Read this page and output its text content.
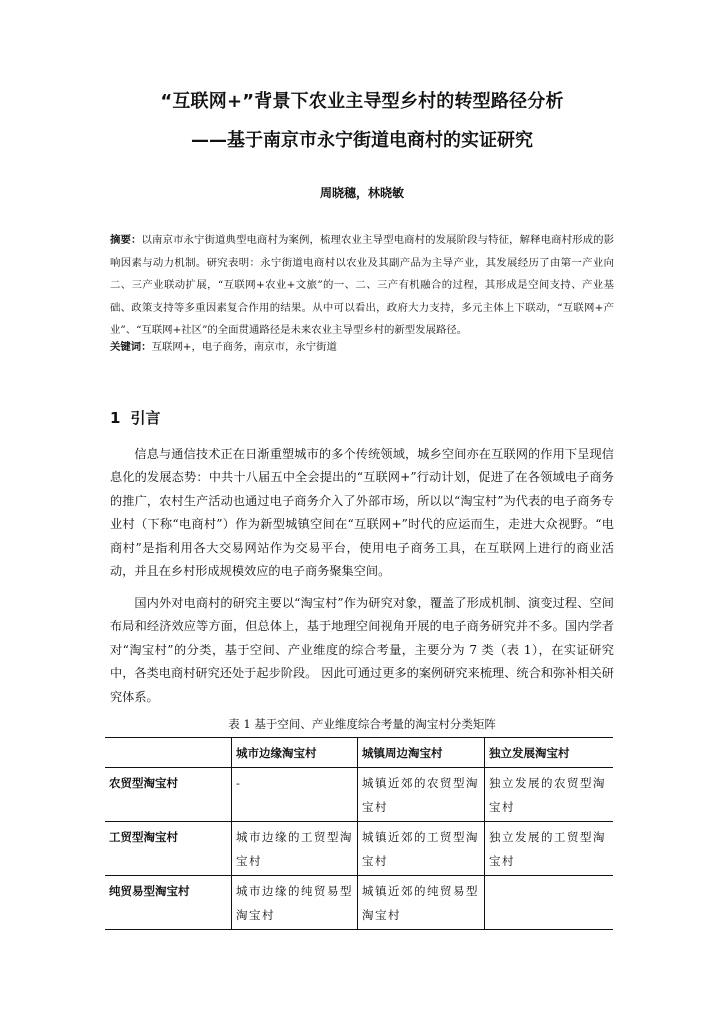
“互联网+”背景下农业主导型乡村的转型路径分析
——基于南京市永宁街道电商村的实证研究
周晓穗，林晓敏
摘要：以南京市永宁街道典型电商村为案例，梳理农业主导型电商村的发展阶段与特征，解释电商村形成的影响因素与动力机制。研究表明：永宁街道电商村以农业及其副产品为主导产业，其发展经历了由第一产业向二、三产业联动扩展，“互联网+农业+文旅”的一、二、三产有机融合的过程，其形成是空间支持、产业基础、政策支持等多重因素复合作用的结果。从中可以看出，政府大力支持，多元主体上下联动，“互联网+产业”、“互联网+社区”的全面贯通路径是未来农业主导型乡村的新型发展路径。
关键词：互联网+，电子商务，南京市，永宁街道
1 引言

信息与通信技术正在日渐重塑城市的多个传统领域，城乡空间亦在互联网的作用下呈现信息化的发展态势：中共十八届五中全会提出的“互联网+”行动计划，促进了在各领域电子商务的推广，农村生产活动也通过电子商务介入了外部市场，所以以“淘宝村”为代表的电子商务专业村（下称“电商村”）作为新型城镇空间在“互联网+”时代的应运而生，走进大众视野。“电商村”是指利用各大交易网站作为交易平台，使用电子商务工具，在互联网上进行的商业活动，并且在乡村形成规模效应的电子商务聚集空间。

国内外对电商村的研究主要以“淘宝村”作为研究对象，覆盖了形成机制、演变过程、空间布局和经济效应等方面，但总体上，基于地理空间视角开展的电子商务研究并不多。国内学者对“淘宝村”的分类，基于空间、产业维度的综合考量，主要分为 7 类（表 1），在实证研究中，各类电商村研究还处于起步阶段。 因此可通过更多的案例研究来梳理、统合和弥补相关研究体系。

表 1 基于空间、产业维度综合考量的淘宝村分类矩阵
	城市边缘淘宝村	城镇周边淘宝村	独立发展淘宝村
农贸型淘宝村	-	城镇近郊的农贸型淘宝村	独立发展的农贸型淘宝村
工贸型淘宝村	城市边缘的工贸型淘宝村	城镇近郊的工贸型淘宝村	独立发展的工贸型淘宝村
纯贸易型淘宝村	城市边缘的纯贸易型淘宝村	城镇近郊的纯贸易型淘宝村	
